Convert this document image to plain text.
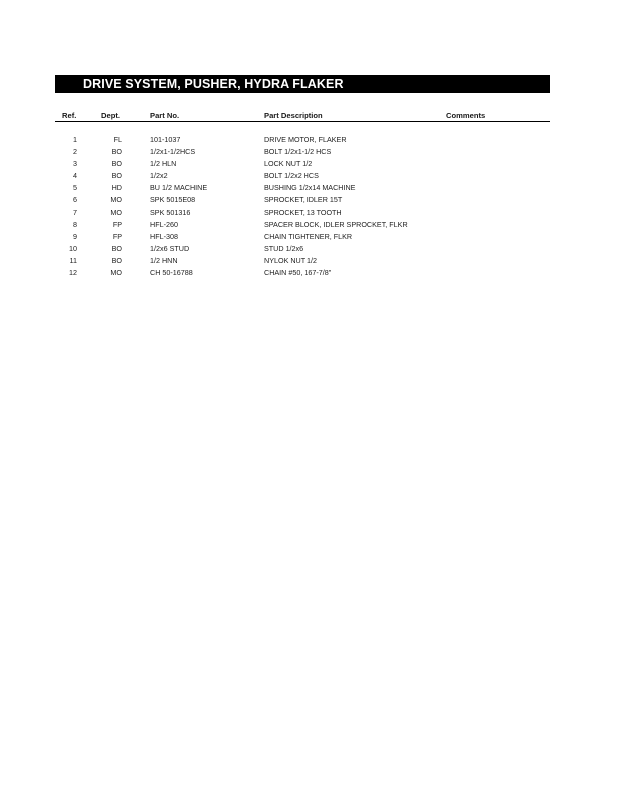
DRIVE SYSTEM, PUSHER, HYDRA FLAKER
Ref.	Dept.	Part No.	Part Description	Comments
1	FL	101-1037	DRIVE MOTOR, FLAKER
2	BO	1/2x1-1/2HCS	BOLT 1/2x1-1/2 HCS
3	BO	1/2 HLN	LOCK NUT 1/2
4	BO	1/2x2	BOLT 1/2x2 HCS
5	HD	BU 1/2 MACHINE	BUSHING 1/2x14 MACHINE
6	MO	SPK 5015E08	SPROCKET, IDLER 15T
7	MO	SPK 501316	SPROCKET, 13 TOOTH
8	FP	HFL-260	SPACER BLOCK, IDLER SPROCKET, FLKR
9	FP	HFL-308	CHAIN TIGHTENER, FLKR
10	BO	1/2x6 STUD	STUD 1/2x6
11	BO	1/2 HNN	NYLOK NUT 1/2
12	MO	CH 50-16788	CHAIN #50, 167-7/8"
